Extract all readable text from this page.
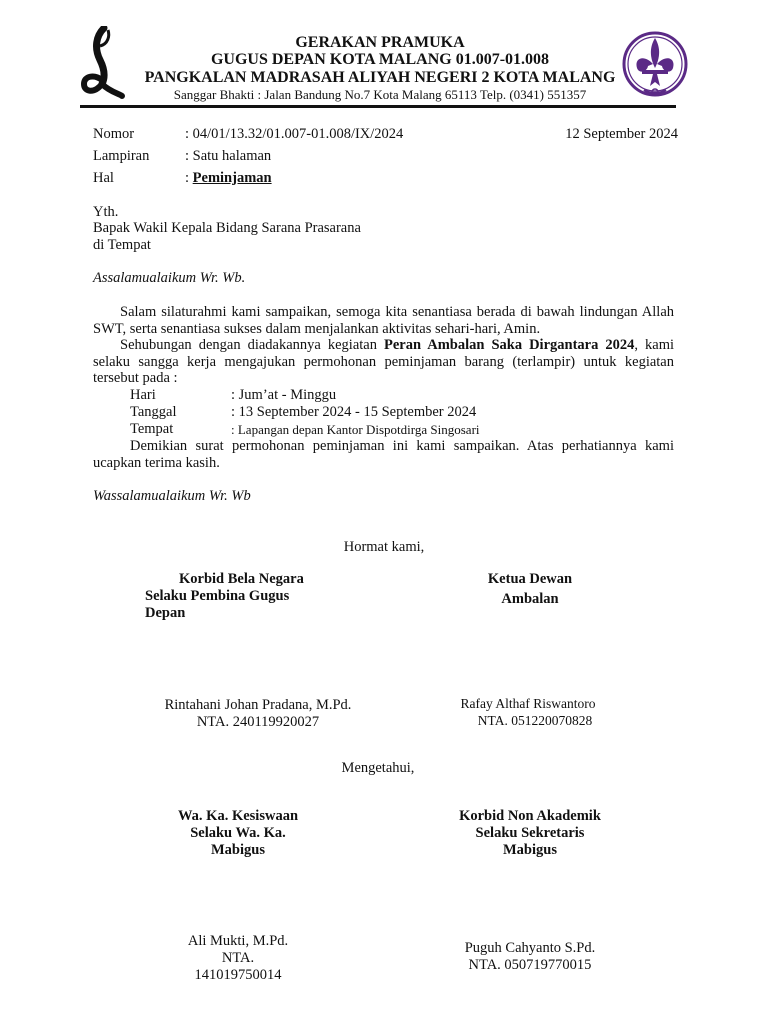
GERAKAN PRAMUKA
GUGUS DEPAN KOTA MALANG 01.007-01.008
PANGKALAN MADRASAH ALIYAH NEGERI 2 KOTA MALANG
Sanggar Bhakti : Jalan Bandung No.7 Kota Malang 65113 Telp. (0341) 551357
Nomor	: 04/01/13.32/01.007-01.008/IX/2024	12 September 2024
Lampiran : Satu halaman
Hal	: Peminjaman
Yth.
Bapak Wakil Kepala Bidang Sarana Prasarana
di Tempat
Assalamualaikum Wr. Wb.
Salam silaturahmi kami sampaikan, semoga kita senantiasa berada di bawah lindungan Allah SWT, serta senantiasa sukses dalam menjalankan aktivitas sehari-hari, Amin.
Sehubungan dengan diadakannya kegiatan Peran Ambalan Saka Dirgantara 2024, kami selaku sangga kerja mengajukan permohonan peminjaman barang (terlampir) untuk kegiatan tersebut pada :
Hari	: Jum’at - Minggu
Tanggal	: 13 September 2024 - 15 September 2024
Tempat	: Lapangan depan Kantor Dispotdirga Singosari
Demikian surat permohonan peminjaman ini kami sampaikan. Atas perhatiannya kami ucapkan terima kasih.
Wassalamualaikum Wr. Wb
Hormat kami,
Korbid Bela Negara
Selaku Pembina Gugus
Depan
Ketua Dewan
Ambalan
Rintahani Johan Pradana, M.Pd.
NTA. 240119920027
Rafay Althaf Riswantoro
NTA. 051220070828
Mengetahui,
Wa. Ka. Kesiswaan
Selaku Wa. Ka.
Mabigus
Korbid Non Akademik
Selaku Sekretaris
Mabigus
Ali Mukti, M.Pd.
NTA.
141019750014
Puguh Cahyanto S.Pd.
NTA. 050719770015
